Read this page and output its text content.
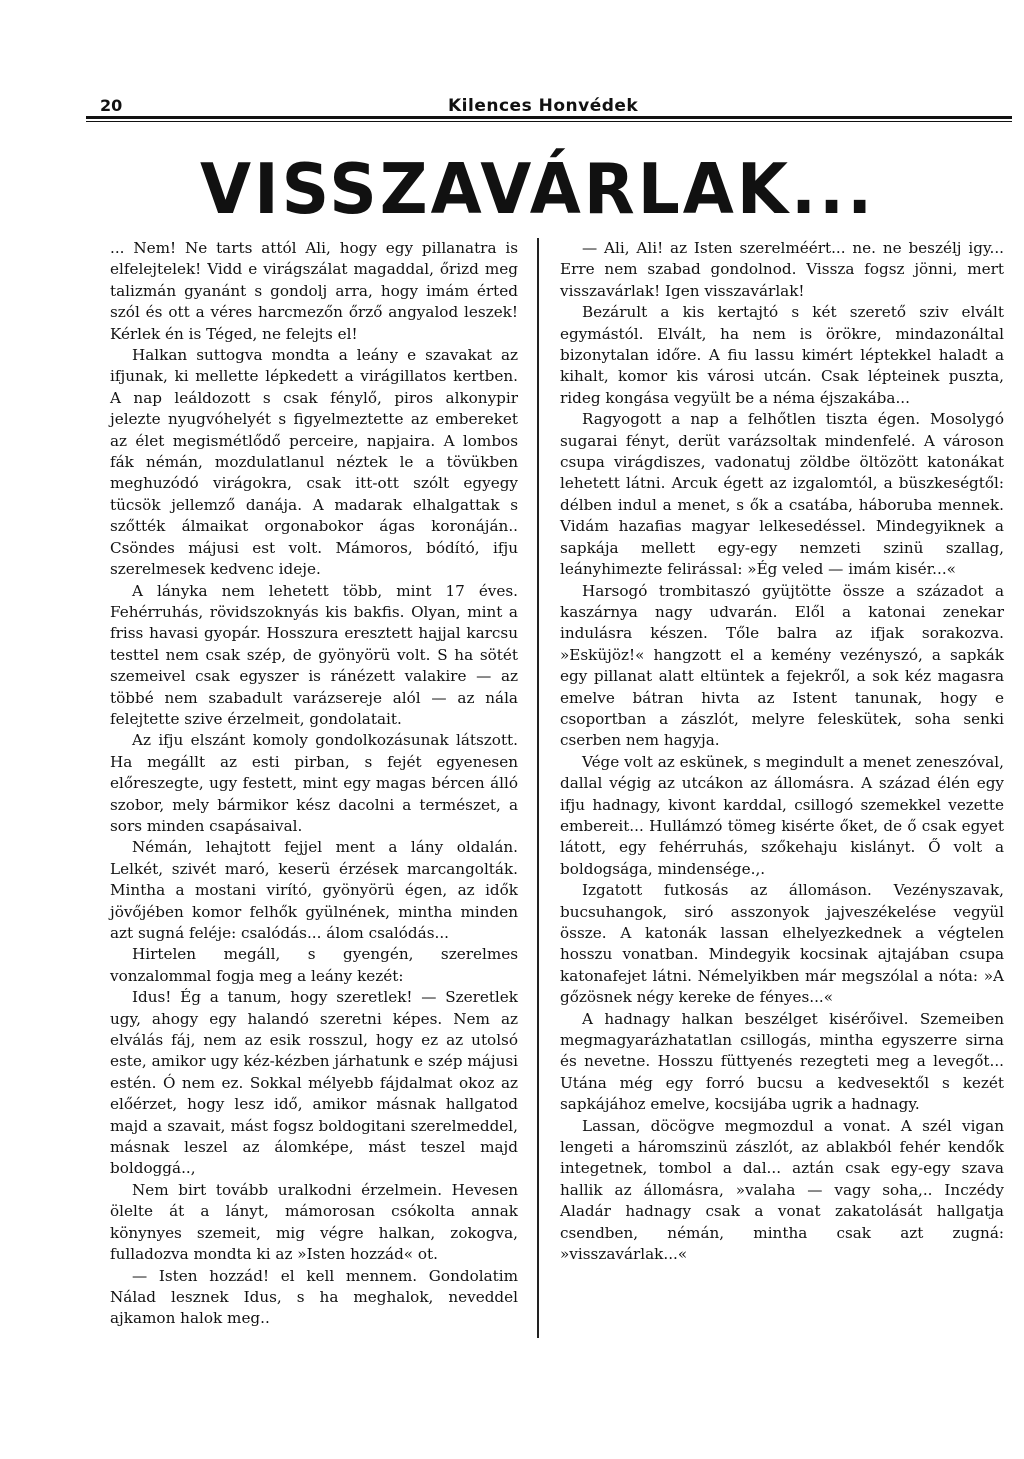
20	Kilences Honvédek
VISSZAVÁRLAK...

... Nem! Ne tarts attól Ali, hogy egy pillanatra is elfelejtelek! Vidd e virágszálat magaddal, őrizd meg talizmán gyanánt s gondolj arra, hogy imám érted szól és ott a véres harcmezőn őrző angyalod leszek! Kérlek én is Téged, ne felejts el!

Halkan suttogva mondta a leány e szavakat az ifjunak, ki mellette lépkedett a virágillatos kertben. A nap leáldozott s csak fénylő, piros alkonypir jelezte nyugvóhelyét s figyelmeztette az embereket az élet megismétlődő perceire, napjaira. A lombos fák némán, mozdulatlanul néztek le a tövükben meghuzódó virágokra, csak itt-ott szólt egyegy tücsök jellemző danája. A madarak elhalgattak s szőtték álmaikat orgonabokor ágas koronáján.. Csöndes májusi est volt. Mámoros, bódító, ifju szerelmesek kedvenc ideje.

A lányka nem lehetett több, mint 17 éves. Fehérruhás, rövidszoknyás kis bakfis. Olyan, mint a friss havasi gyopár. Hosszura eresztett hajjal karcsu testtel nem csak szép, de gyönyörü volt. S ha sötét szemeivel csak egyszer is ránézett valakire — az többé nem szabadult varázsereje alól — az nála felejtette szive érzelmeit, gondolatait.

Az ifju elszánt komoly gondolkozásunak látszott. Ha megállt az esti pirban, s fejét egyenesen előreszegte, ugy festett, mint egy magas bércen álló szobor, mely bármikor kész dacolni a természet, a sors minden csapásaival.

Némán, lehajtott fejjel ment a lány oldalán. Lelkét, szivét maró, keserü érzések marcangolták. Mintha a mostani virító, gyönyörü égen, az idők jövőjében komor felhők gyülnének, mintha minden azt sugná feléje: csalódás... álom csalódás...

Hirtelen megáll, s gyengén, szerelmes vonzalommal fogja meg a leány kezét:

Idus! Ég a tanum, hogy szeretlek! — Szeretlek ugy, ahogy egy halandó szeretni képes. Nem az elválás fáj, nem az esik rosszul, hogy ez az utolsó este, amikor ugy kéz-kézben járhatunk e szép májusi estén. Ó nem ez. Sokkal mélyebb fájdalmat okoz az előérzet, hogy lesz idő, amikor másnak hallgatod majd a szavait, mást fogsz boldogitani szerelmeddel, másnak leszel az álomképe, mást teszel majd boldoggá..,

Nem birt tovább uralkodni érzelmein. Hevesen ölelte át a lányt, mámorosan csókolta annak könynyes szemeit, mig végre halkan, zokogva, fulladozva mondta ki az »Isten hozzád« ot.

— Isten hozzád! el kell mennem. Gondolatim Nálad lesznek Idus, s ha meghalok, neveddel ajkamon halok meg..

— Ali, Ali! az Isten szerelméért... ne. ne beszélj igy... Erre nem szabad gondolnod. Vissza fogsz jönni, mert visszavárlak! Igen visszavárlak!

Bezárult a kis kertajtó s két szerető sziv elvált egymástól. Elvált, ha nem is örökre, mindazonáltal bizonytalan időre. A fiu lassu kimért léptekkel haladt a kihalt, komor kis városi utcán. Csak lépteinek puszta, rideg kongása vegyült be a néma éjszakába...

Ragyogott a nap a felhőtlen tiszta égen. Mosolygó sugarai fényt, derüt varázsoltak mindenfelé. A városon csupa virágdiszes, vadonatuj zöldbe öltözött katonákat lehetett látni. Arcuk égett az izgalomtól, a büszkeségtől: délben indul a menet, s ők a csatába, háboruba mennek. Vidám hazafias magyar lelkesedéssel. Mindegyiknek a sapkája mellett egy-egy nemzeti szinü szallag, leányhimezte felirással: »Ég veled — imám kisér...«

Harsogó trombitaszó gyüjtötte össze a századot a kaszárnya nagy udvarán. Elől a katonai zenekar indulásra készen. Tőle balra az ifjak sorakozva. »Esküjöz!« hangzott el a kemény vezényszó, a sapkák egy pillanat alatt eltüntek a fejekről, a sok kéz magasra emelve bátran hivta az Istent tanunak, hogy e csoportban a zászlót, melyre feleskütek, soha senki cserben nem hagyja.

Vége volt az eskünek, s megindult a menet zeneszóval, dallal végig az utcákon az állomásra. A század élén egy ifju hadnagy, kivont karddal, csillogó szemekkel vezette embereit... Hullámzó tömeg kisérte őket, de ő csak egyet látott, egy fehérruhás, szőkehaju kislányt. Ő volt a boldogsága, mindensége.,.

Izgatott futkosás az állomáson. Vezényszavak, bucsuhangok, siró asszonyok jajveszékelése vegyül össze. A katonák lassan elhelyezkednek a végtelen hosszu vonatban. Mindegyik kocsinak ajtajában csupa katonafejet látni. Némelyikben már megszólal a nóta: »A gőzösnek négy kereke de fényes...«

A hadnagy halkan beszélget kisérőivel. Szemeiben megmagyarázhatatlan csillogás, mintha egyszerre sirna és nevetne. Hosszu füttyenés rezegteti meg a levegőt... Utána még egy forró bucsu a kedvesektől s kezét sapkájához emelve, kocsijába ugrik a hadnagy.

Lassan, döcögve megmozdul a vonat. A szél vigan lengeti a háromszinü zászlót, az ablakból fehér kendők integetnek, tombol a dal... aztán csak egy-egy szava hallik az állomásra, »valaha — vagy soha,.. Inczédy Aladár hadnagy csak a vonat zakatolását hallgatja csendben, némán, mintha csak azt zugná: »visszavárlak...«
